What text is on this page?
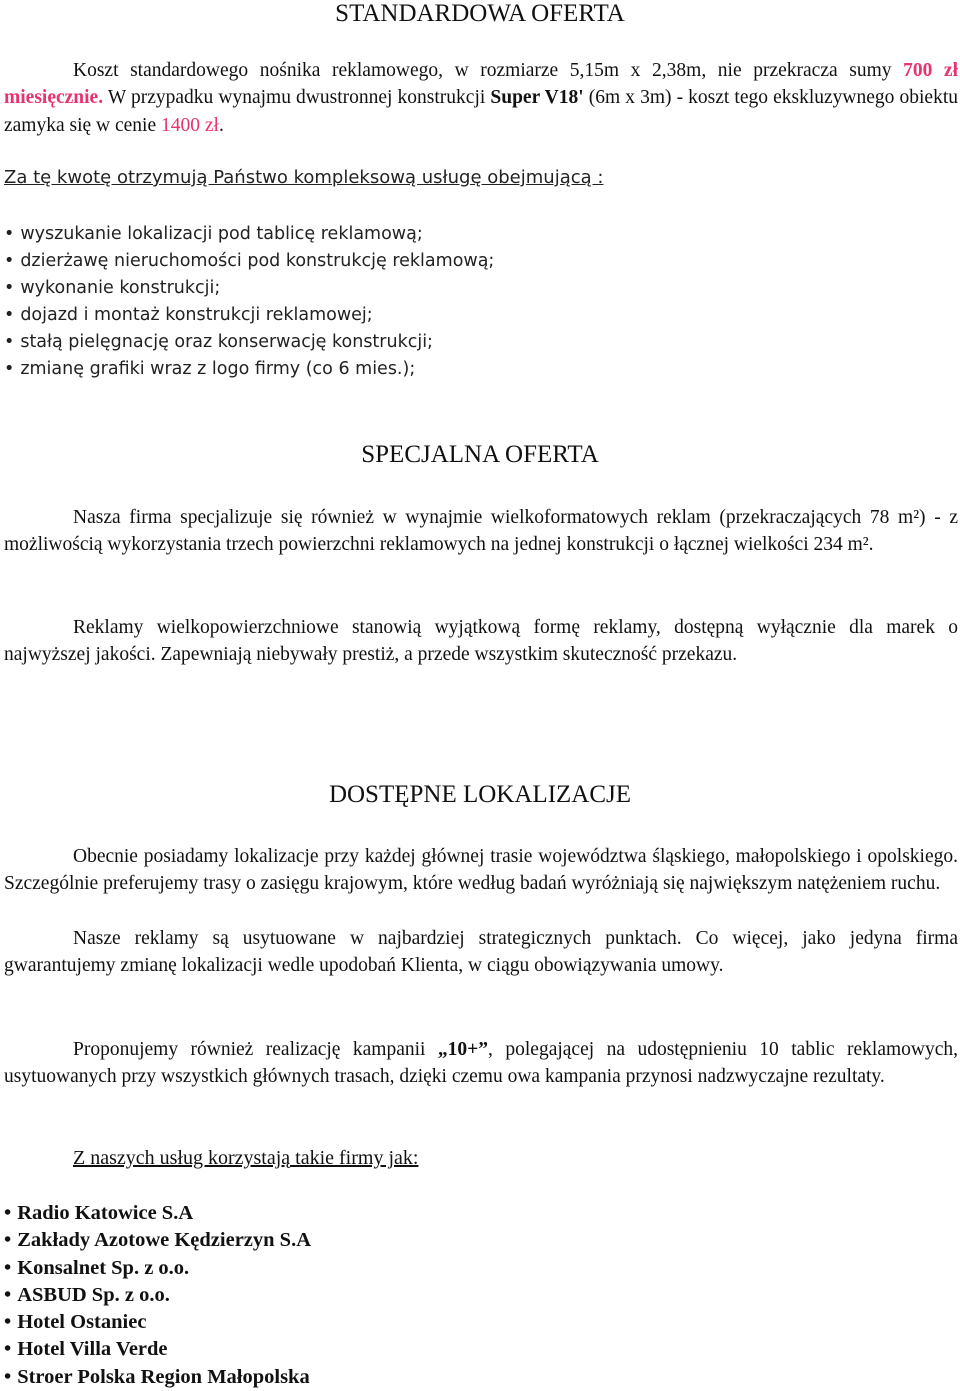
STANDARDOWA OFERTA

Koszt standardowego nośnika reklamowego, w rozmiarze 5,15m x 2,38m, nie przekracza sumy 700 zł miesięcznie. W przypadku wynajmu dwustronnej konstrukcji Super V18' (6m x 3m) - koszt tego ekskluzywnego obiektu zamyka się w cenie 1400 zł.

Za tę kwotę otrzymują Państwo kompleksową usługę obejmującą :

• wyszukanie lokalizacji pod tablicę reklamową;
• dzierżawę nieruchomości pod konstrukcję reklamową;
• wykonanie konstrukcji;
• dojazd i montaż konstrukcji reklamowej;
• stałą pielęgnację oraz konserwację konstrukcji;
• zmianę grafiki wraz z logo firmy (co 6 mies.);
SPECJALNA OFERTA

Nasza firma specjalizuje się również w wynajmie wielkoformatowych reklam (przekraczających 78 m²) - z możliwością wykorzystania trzech powierzchni reklamowych na jednej konstrukcji o łącznej wielkości 234 m².

Reklamy wielkopowierzchniowe stanowią wyjątkową formę reklamy, dostępną wyłącznie dla marek o najwyższej jakości. Zapewniają niebywały prestiż, a przede wszystkim skuteczność przekazu.

DOSTĘPNE LOKALIZACJE

Obecnie posiadamy lokalizacje przy każdej głównej trasie województwa śląskiego, małopolskiego i opolskiego. Szczególnie preferujemy trasy o zasięgu krajowym, które według badań wyróżniają się największym natężeniem ruchu.

Nasze reklamy są usytuowane w najbardziej strategicznych punktach. Co więcej, jako jedyna firma gwarantujemy zmianę lokalizacji wedle upodobań Klienta, w ciągu obowiązywania umowy.

Proponujemy również realizację kampanii „10+”, polegającej na udostępnieniu 10 tablic reklamowych, usytuowanych przy wszystkich głównych trasach, dzięki czemu owa kampania przynosi nadzwyczajne rezultaty.

Z naszych usług korzystają takie firmy jak:

• Radio Katowice S.A
• Zakłady Azotowe Kędzierzyn S.A
• Konsalnet Sp. z o.o.
• ASBUD Sp. z o.o.
• Hotel Ostaniec
• Hotel Villa Verde
• Stroer Polska Region Małopolska
